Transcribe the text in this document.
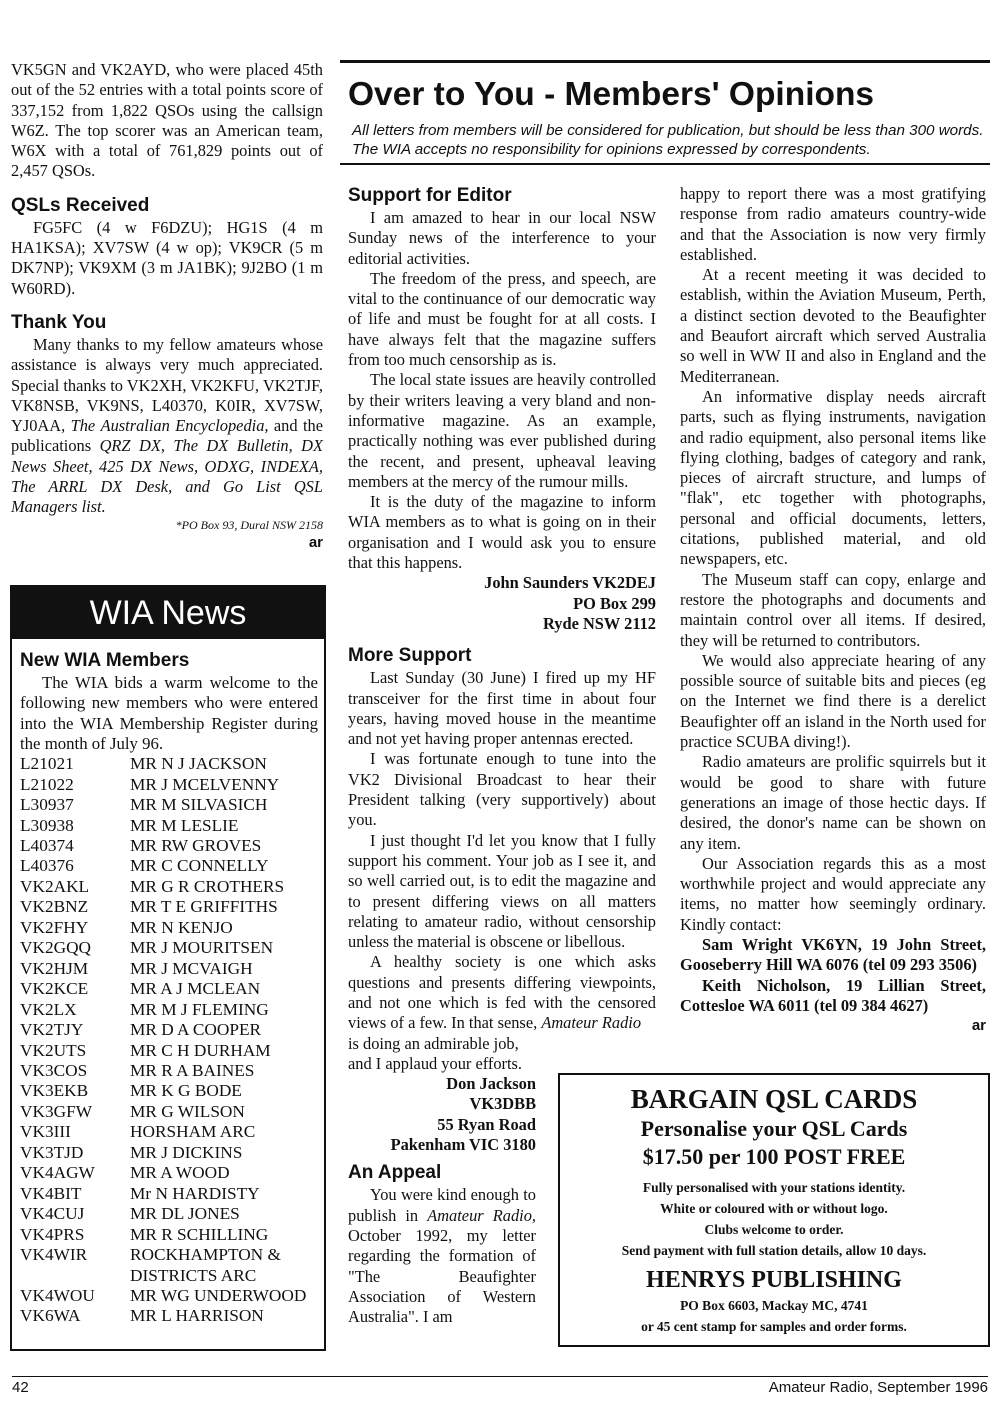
VK5GN and VK2AYD, who were placed 45th out of the 52 entries with a total points score of 337,152 from 1,822 QSOs using the callsign W6Z. The top scorer was an American team, W6X with a total of 761,829 points out of 2,457 QSOs.

QSLs Received

FG5FC (4 w F6DZU); HG1S (4 m HA1KSA); XV7SW (4 w op); VK9CR (5 m DK7NP); VK9XM (3 m JA1BK); 9J2BO (1 m W60RD).

Thank You

Many thanks to my fellow amateurs whose assistance is always very much appreciated. Special thanks to VK2XH, VK2KFU, VK2TJF, VK8NSB, VK9NS, L40370, K0IR, XV7SW, YJ0AA, The Australian Encyclopedia, and the publications QRZ DX, The DX Bulletin, DX News Sheet, 425 DX News, ODXG, INDEXA, The ARRL DX Desk, and Go List QSL Managers list.

*PO Box 93, Dural NSW 2158
ar
WIA News
New WIA Members

The WIA bids a warm welcome to the following new members who were entered into the WIA Membership Register during the month of July 96.

L21021	MR N J JACKSON
L21022	MR J MCELVENNY
L30937	MR M SILVASICH
L30938	MR M LESLIE
L40374	MR RW GROVES
L40376	MR C CONNELLY
VK2AKL	MR G R CROTHERS
VK2BNZ	MR T E GRIFFITHS
VK2FHY	MR N KENJO
VK2GQQ	MR J MOURITSEN
VK2HJM	MR J MCVAIGH
VK2KCE	MR A J MCLEAN
VK2LX	MR M J FLEMING
VK2TJY	MR D A COOPER
VK2UTS	MR C H DURHAM
VK3COS	MR R A BAINES
VK3EKB	MR K G BODE
VK3GFW	MR G WILSON
VK3III	HORSHAM ARC
VK3TJD	MR J DICKINS
VK4AGW	MR A WOOD
VK4BIT	Mr N HARDISTY
VK4CUJ	MR DL JONES
VK4PRS	MR R SCHILLING
VK4WIR	ROCKHAMPTON & DISTRICTS ARC
VK4WOU	MR WG UNDERWOOD
VK6WA	MR L HARRISON
Over to You - Members' Opinions
All letters from members will be considered for publication, but should be less than 300 words. The WIA accepts no responsibility for opinions expressed by correspondents.
Support for Editor

I am amazed to hear in our local NSW Sunday news of the interference to your editorial activities.

The freedom of the press, and speech, are vital to the continuance of our democratic way of life and must be fought for at all costs. I have always felt that the magazine suffers from too much censorship as is.

The local state issues are heavily controlled by their writers leaving a very bland and non-informative magazine. As an example, practically nothing was ever published during the recent, and present, upheaval leaving members at the mercy of the rumour mills.

It is the duty of the magazine to inform WIA members as to what is going on in their organisation and I would ask you to ensure that this happens.

John Saunders VK2DEJ
PO Box 299
Ryde NSW 2112
More Support

Last Sunday (30 June) I fired up my HF transceiver for the first time in about four years, having moved house in the meantime and not yet having proper antennas erected.

I was fortunate enough to tune into the VK2 Divisional Broadcast to hear their President talking (very supportively) about you.

I just thought I'd let you know that I fully support his comment. Your job as I see it, and so well carried out, is to edit the magazine and to present differing views on all matters relating to amateur radio, without censorship unless the material is obscene or libellous.

A healthy society is one which asks questions and presents differing viewpoints, and not one which is fed with the censored views of a few. In that sense, Amateur Radio

is doing an admirable job,

and I applaud your efforts.

Don Jackson
VK3DBB
55 Ryan Road
Pakenham VIC 3180
An Appeal

You were kind enough to publish in Amateur Radio, October 1992, my letter regarding the formation of "The Beaufighter Association of Western Australia". I am

happy to report there was a most gratifying response from radio amateurs country-wide and that the Association is now very firmly established.

At a recent meeting it was decided to establish, within the Aviation Museum, Perth, a distinct section devoted to the Beaufighter and Beaufort aircraft which served Australia so well in WW II and also in England and the Mediterranean.

An informative display needs aircraft parts, such as flying instruments, navigation and radio equipment, also personal items like flying clothing, badges of category and rank, pieces of aircraft structure, and lumps of "flak", etc together with photographs, personal and official documents, letters, citations, published material, and old newspapers, etc.

The Museum staff can copy, enlarge and restore the photographs and documents and maintain control over all items. If desired, they will be returned to contributors.

We would also appreciate hearing of any possible source of suitable bits and pieces (eg on the Internet we find there is a derelict Beaufighter off an island in the North used for practice SCUBA diving!).

Radio amateurs are prolific squirrels but it would be good to share with future generations an image of those hectic days. If desired, the donor's name can be shown on any item.

Our Association regards this as a most worthwhile project and would appreciate any items, no matter how seemingly ordinary. Kindly contact:

Sam Wright VK6YN, 19 John Street, Gooseberry Hill WA 6076 (tel 09 293 3506)

Keith Nicholson, 19 Lillian Street, Cottesloe WA 6011 (tel 09 384 4627)

ar
BARGAIN QSL CARDS
Personalise your QSL Cards
$17.50 per 100 POST FREE
Fully personalised with your stations identity.
White or coloured with or without logo.
Clubs welcome to order.
Send payment with full station details, allow 10 days.
HENRYS PUBLISHING
PO Box 6603, Mackay MC, 4741
or 45 cent stamp for samples and order forms.
42	Amateur Radio, September 1996
